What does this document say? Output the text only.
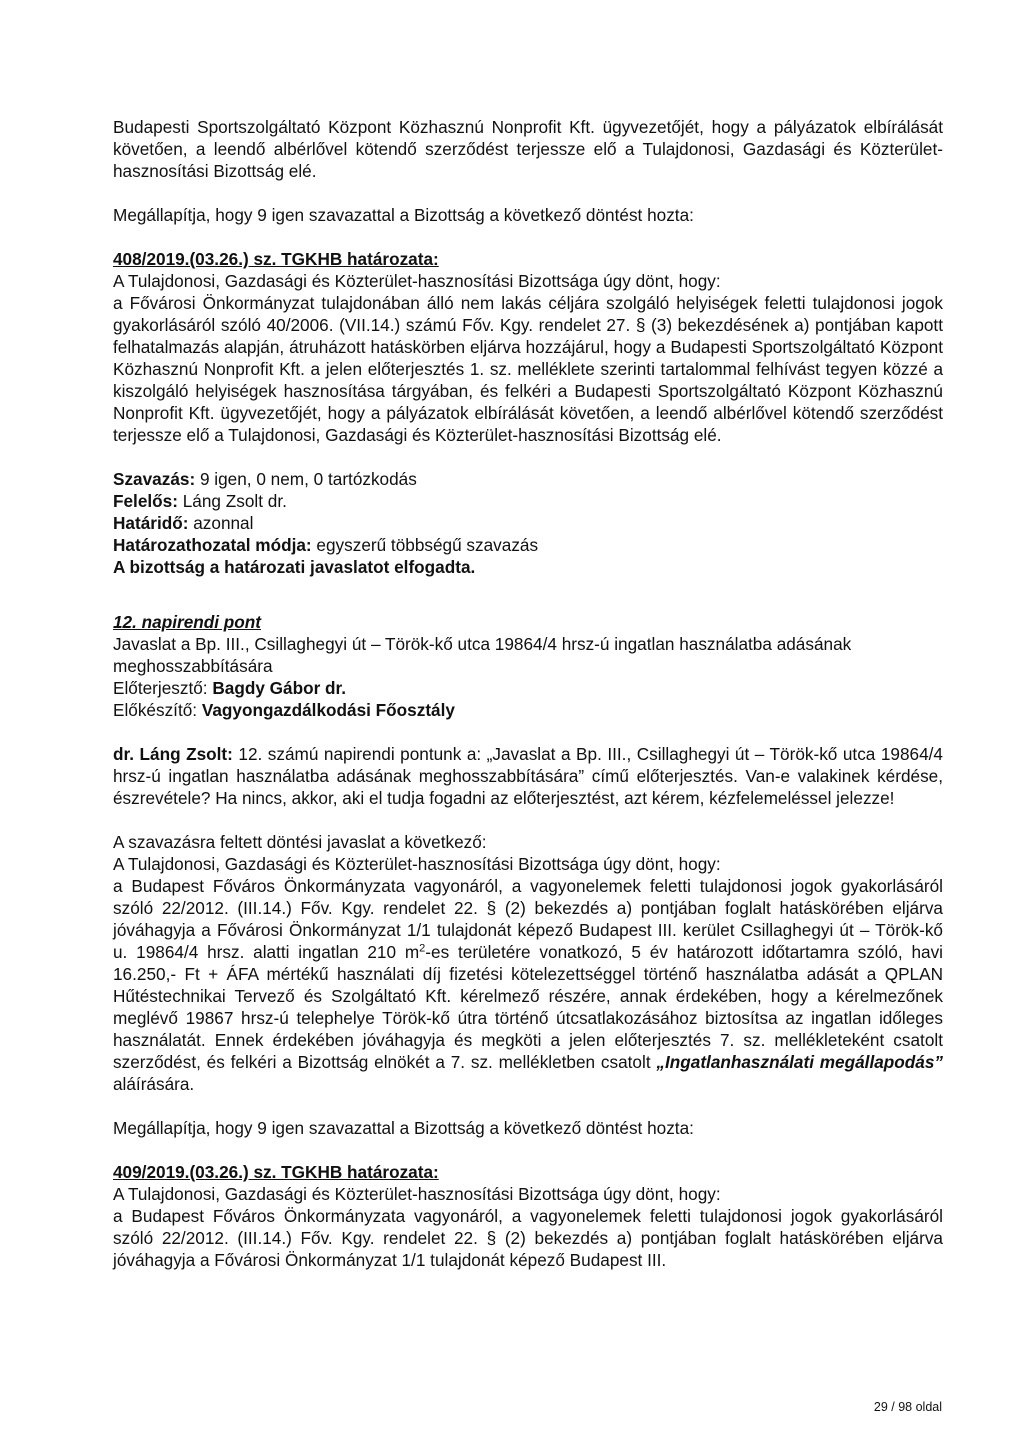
Budapesti Sportszolgáltató Központ Közhasznú Nonprofit Kft. ügyvezetőjét, hogy a pályázatok elbírálását követően, a leendő albérlővel kötendő szerződést terjessze elő a Tulajdonosi, Gazdasági és Közterület-hasznosítási Bizottság elé.

Megállapítja, hogy 9 igen szavazattal a Bizottság a következő döntést hozta:

408/2019.(03.26.) sz. TGKHB határozata:

A Tulajdonosi, Gazdasági és Közterület-hasznosítási Bizottsága úgy dönt, hogy:

a Fővárosi Önkormányzat tulajdonában álló nem lakás céljára szolgáló helyiségek feletti tulajdonosi jogok gyakorlásáról szóló 40/2006. (VII.14.) számú Főv. Kgy. rendelet 27. § (3) bekezdésének a) pontjában kapott felhatalmazás alapján, átruházott hatáskörben eljárva hozzájárul, hogy a Budapesti Sportszolgáltató Központ Közhasznú Nonprofit Kft. a jelen előterjesztés 1. sz. melléklete szerinti tartalommal felhívást tegyen közzé a kiszolgáló helyiségek hasznosítása tárgyában, és felkéri a Budapesti Sportszolgáltató Központ Közhasznú Nonprofit Kft. ügyvezetőjét, hogy a pályázatok elbírálását követően, a leendő albérlővel kötendő szerződést terjessze elő a Tulajdonosi, Gazdasági és Közterület-hasznosítási Bizottság elé.

Szavazás: 9 igen, 0 nem, 0 tartózkodás

Felelős: Láng Zsolt dr.

Határidő: azonnal

Határozathozatal módja: egyszerű többségű szavazás

A bizottság a határozati javaslatot elfogadta.

12. napirendi pont

Javaslat a Bp. III., Csillaghegyi út – Török-kő utca 19864/4 hrsz-ú ingatlan használatba adásának meghosszabbítására

Előterjesztő: Bagdy Gábor dr.

Előkészítő: Vagyongazdálkodási Főosztály

dr. Láng Zsolt: 12. számú napirendi pontunk a: „Javaslat a Bp. III., Csillaghegyi út – Török-kő utca 19864/4 hrsz-ú ingatlan használatba adásának meghosszabbítására” című előterjesztés. Van-e valakinek kérdése, észrevétele? Ha nincs, akkor, aki el tudja fogadni az előterjesztést, azt kérem, kézfelemeléssel jelezze!

A szavazásra feltett döntési javaslat a következő:

A Tulajdonosi, Gazdasági és Közterület-hasznosítási Bizottsága úgy dönt, hogy:

a Budapest Főváros Önkormányzata vagyonáról, a vagyonelemek feletti tulajdonosi jogok gyakorlásáról szóló 22/2012. (III.14.) Főv. Kgy. rendelet 22. § (2) bekezdés a) pontjában foglalt hatáskörében eljárva jóváhagyja a Fővárosi Önkormányzat 1/1 tulajdonát képező Budapest III. kerület Csillaghegyi út – Török-kő u. 19864/4 hrsz. alatti ingatlan 210 $m^2-es$ területére vonatkozó, 5 év határozott időtartamra szóló, havi 16.250,- Ft + ÁFA mértékű használati díj fizetési kötelezettséggel történő használatba adását a QPLAN Hűtéstechnikai Tervező és Szolgáltató Kft. kérelmező részére, annak érdekében, hogy a kérelmezőnek meglévő 19867 hrsz-ú telephelye Török-kő útra történő útcsatlakozásához biztosítsa az ingatlan időleges használatát. Ennek érdekében jóváhagyja és megköti a jelen előterjesztés 7. sz. mellékleteként csatolt szerződést, és felkéri a Bizottság elnökét a 7. sz. mellékletben csatolt „Ingatlanhasználati megállapodás” aláírására.

Megállapítja, hogy 9 igen szavazattal a Bizottság a következő döntést hozta:

409/2019.(03.26.) sz. TGKHB határozata:

A Tulajdonosi, Gazdasági és Közterület-hasznosítási Bizottsága úgy dönt, hogy:

a Budapest Főváros Önkormányzata vagyonáról, a vagyonelemek feletti tulajdonosi jogok gyakorlásáról szóló 22/2012. (III.14.) Főv. Kgy. rendelet 22. § (2) bekezdés a) pontjában foglalt hatáskörében eljárva jóváhagyja a Fővárosi Önkormányzat 1/1 tulajdonát képező Budapest III.

29 / 98 oldal
